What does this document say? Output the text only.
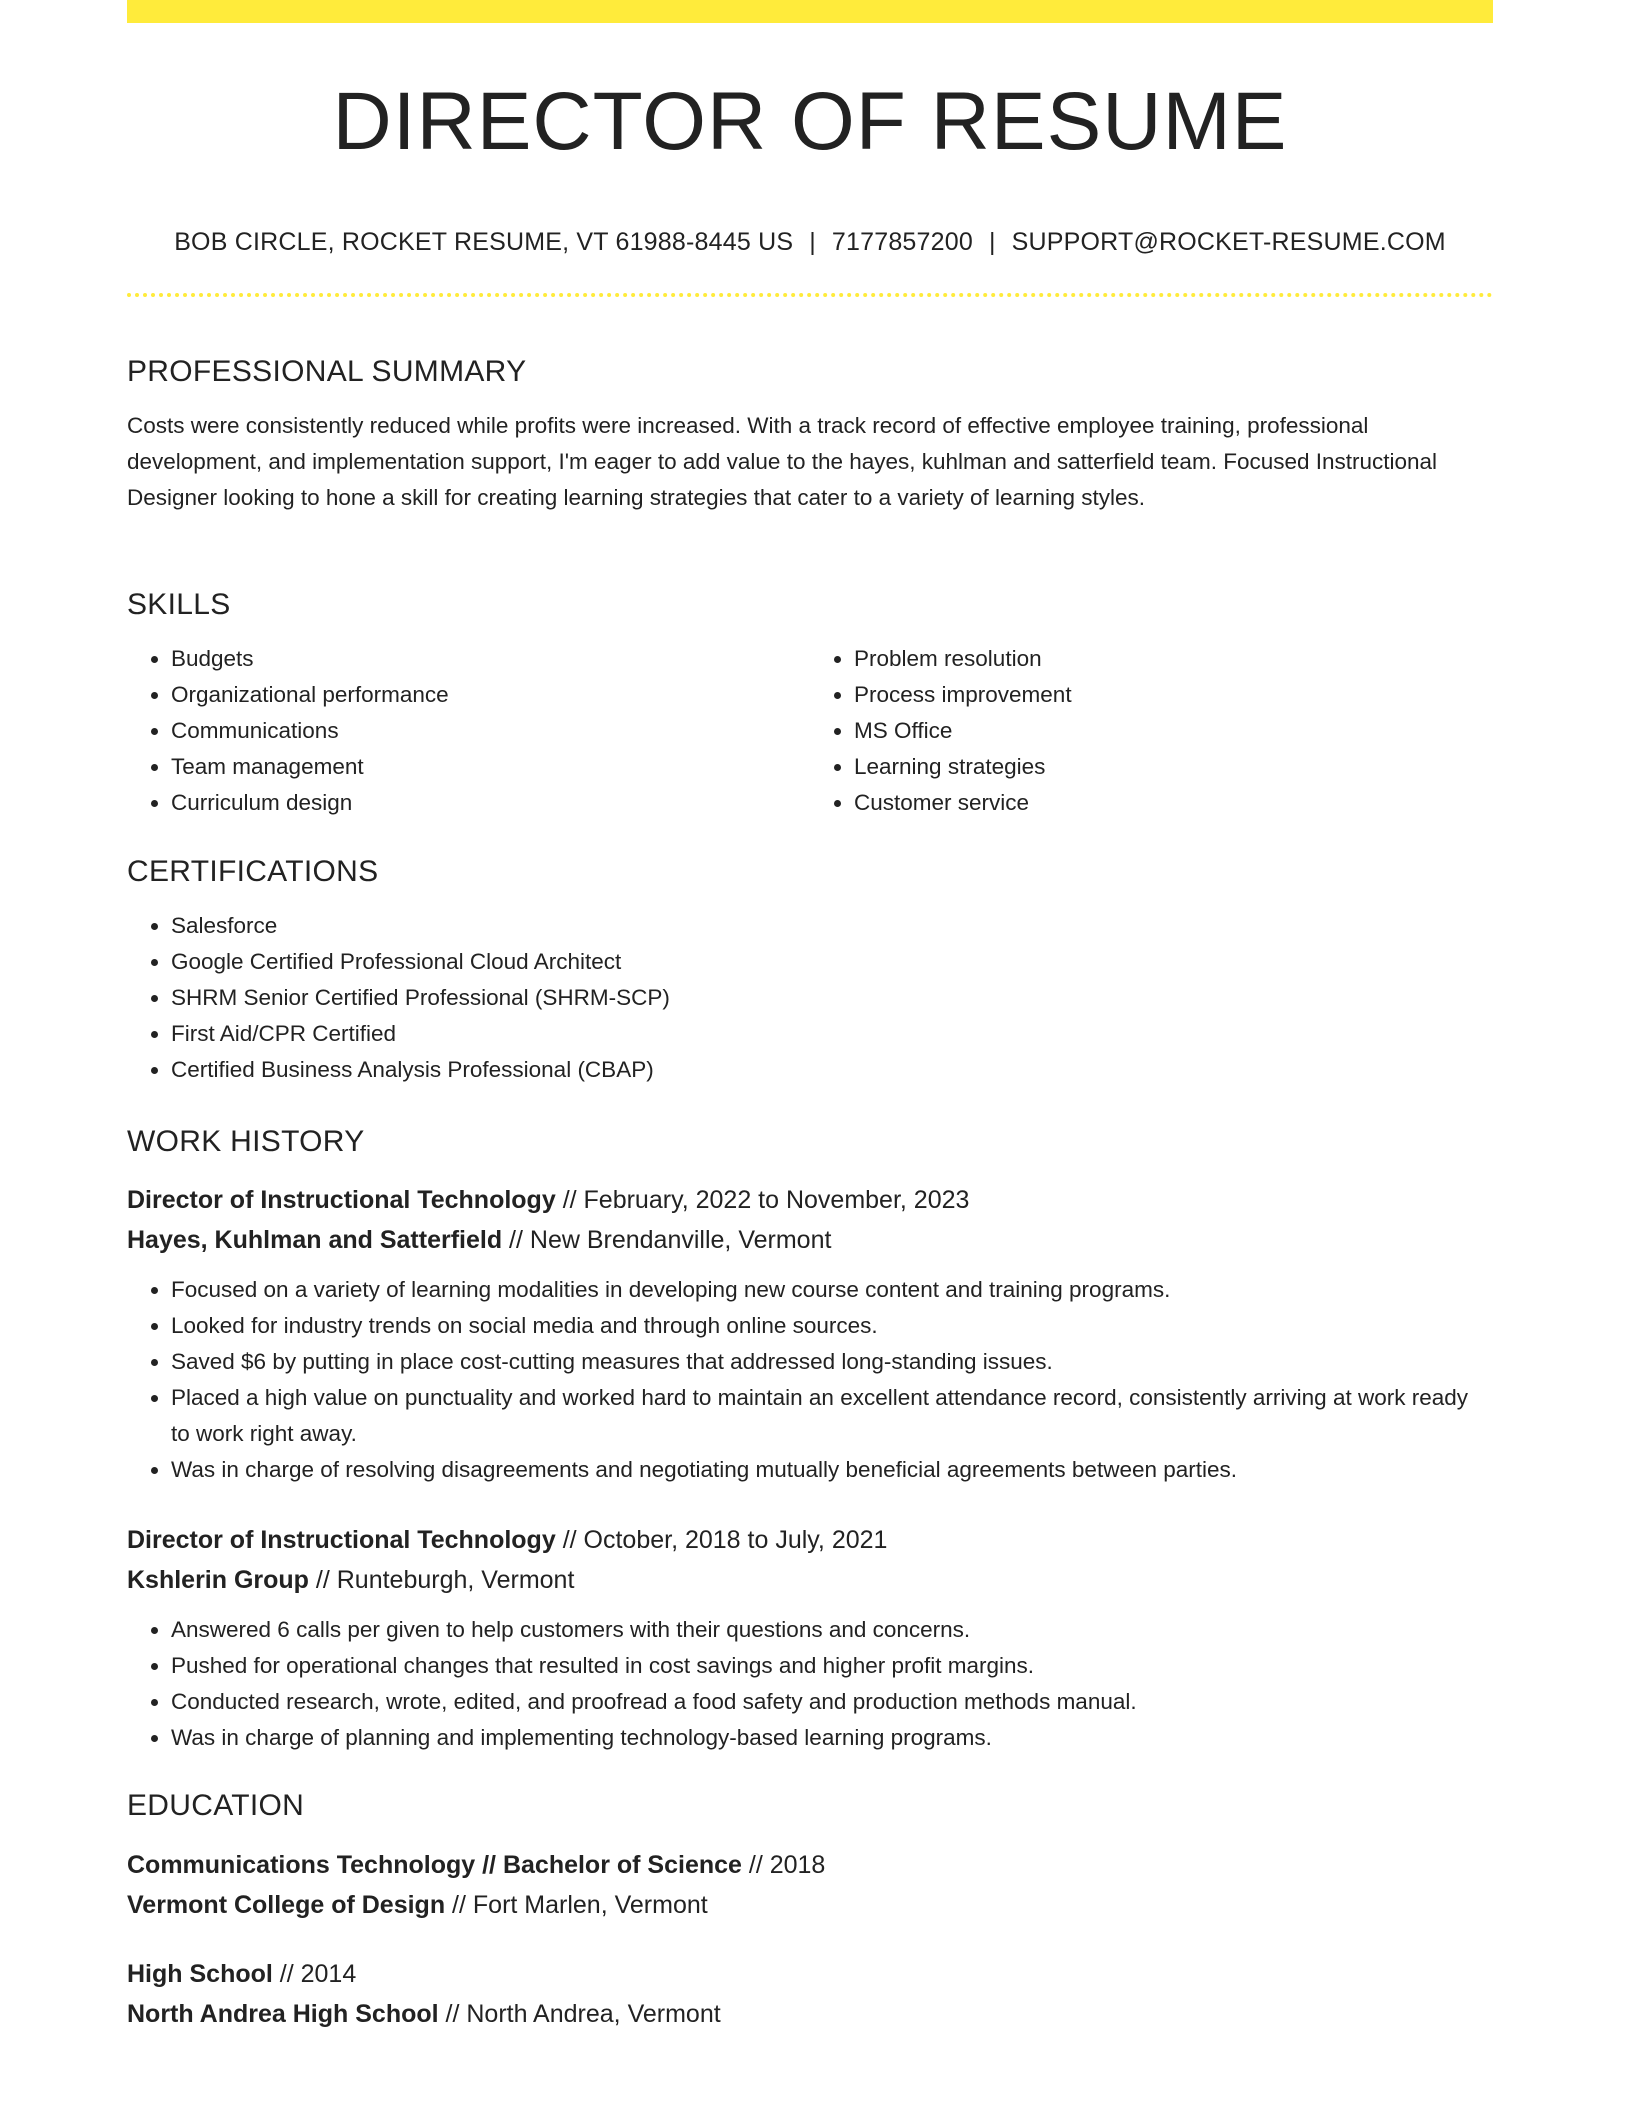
DIRECTOR OF RESUME
BOB CIRCLE, ROCKET RESUME, VT 61988-8445 US | 7177857200 | SUPPORT@ROCKET-RESUME.COM
PROFESSIONAL SUMMARY

Costs were consistently reduced while profits were increased. With a track record of effective employee training, professional development, and implementation support, I'm eager to add value to the hayes, kuhlman and satterfield team. Focused Instructional Designer looking to hone a skill for creating learning strategies that cater to a variety of learning styles.

SKILLS
• Budgets
• Organizational performance
• Communications
• Team management
• Curriculum design
• Problem resolution
• Process improvement
• MS Office
• Learning strategies
• Customer service
CERTIFICATIONS
• Salesforce
• Google Certified Professional Cloud Architect
• SHRM Senior Certified Professional (SHRM-SCP)
• First Aid/CPR Certified
• Certified Business Analysis Professional (CBAP)
WORK HISTORY
Director of Instructional Technology // February, 2022 to November, 2023
Hayes, Kuhlman and Satterfield // New Brendanville, Vermont
• Focused on a variety of learning modalities in developing new course content and training programs.
• Looked for industry trends on social media and through online sources.
• Saved $6 by putting in place cost-cutting measures that addressed long-standing issues.
• Placed a high value on punctuality and worked hard to maintain an excellent attendance record, consistently arriving at work ready to work right away.
• Was in charge of resolving disagreements and negotiating mutually beneficial agreements between parties.
Director of Instructional Technology // October, 2018 to July, 2021
Kshlerin Group // Runteburgh, Vermont
• Answered 6 calls per given to help customers with their questions and concerns.
• Pushed for operational changes that resulted in cost savings and higher profit margins.
• Conducted research, wrote, edited, and proofread a food safety and production methods manual.
• Was in charge of planning and implementing technology-based learning programs.
EDUCATION
Communications Technology // Bachelor of Science // 2018
Vermont College of Design // Fort Marlen, Vermont
High School // 2014
North Andrea High School // North Andrea, Vermont
